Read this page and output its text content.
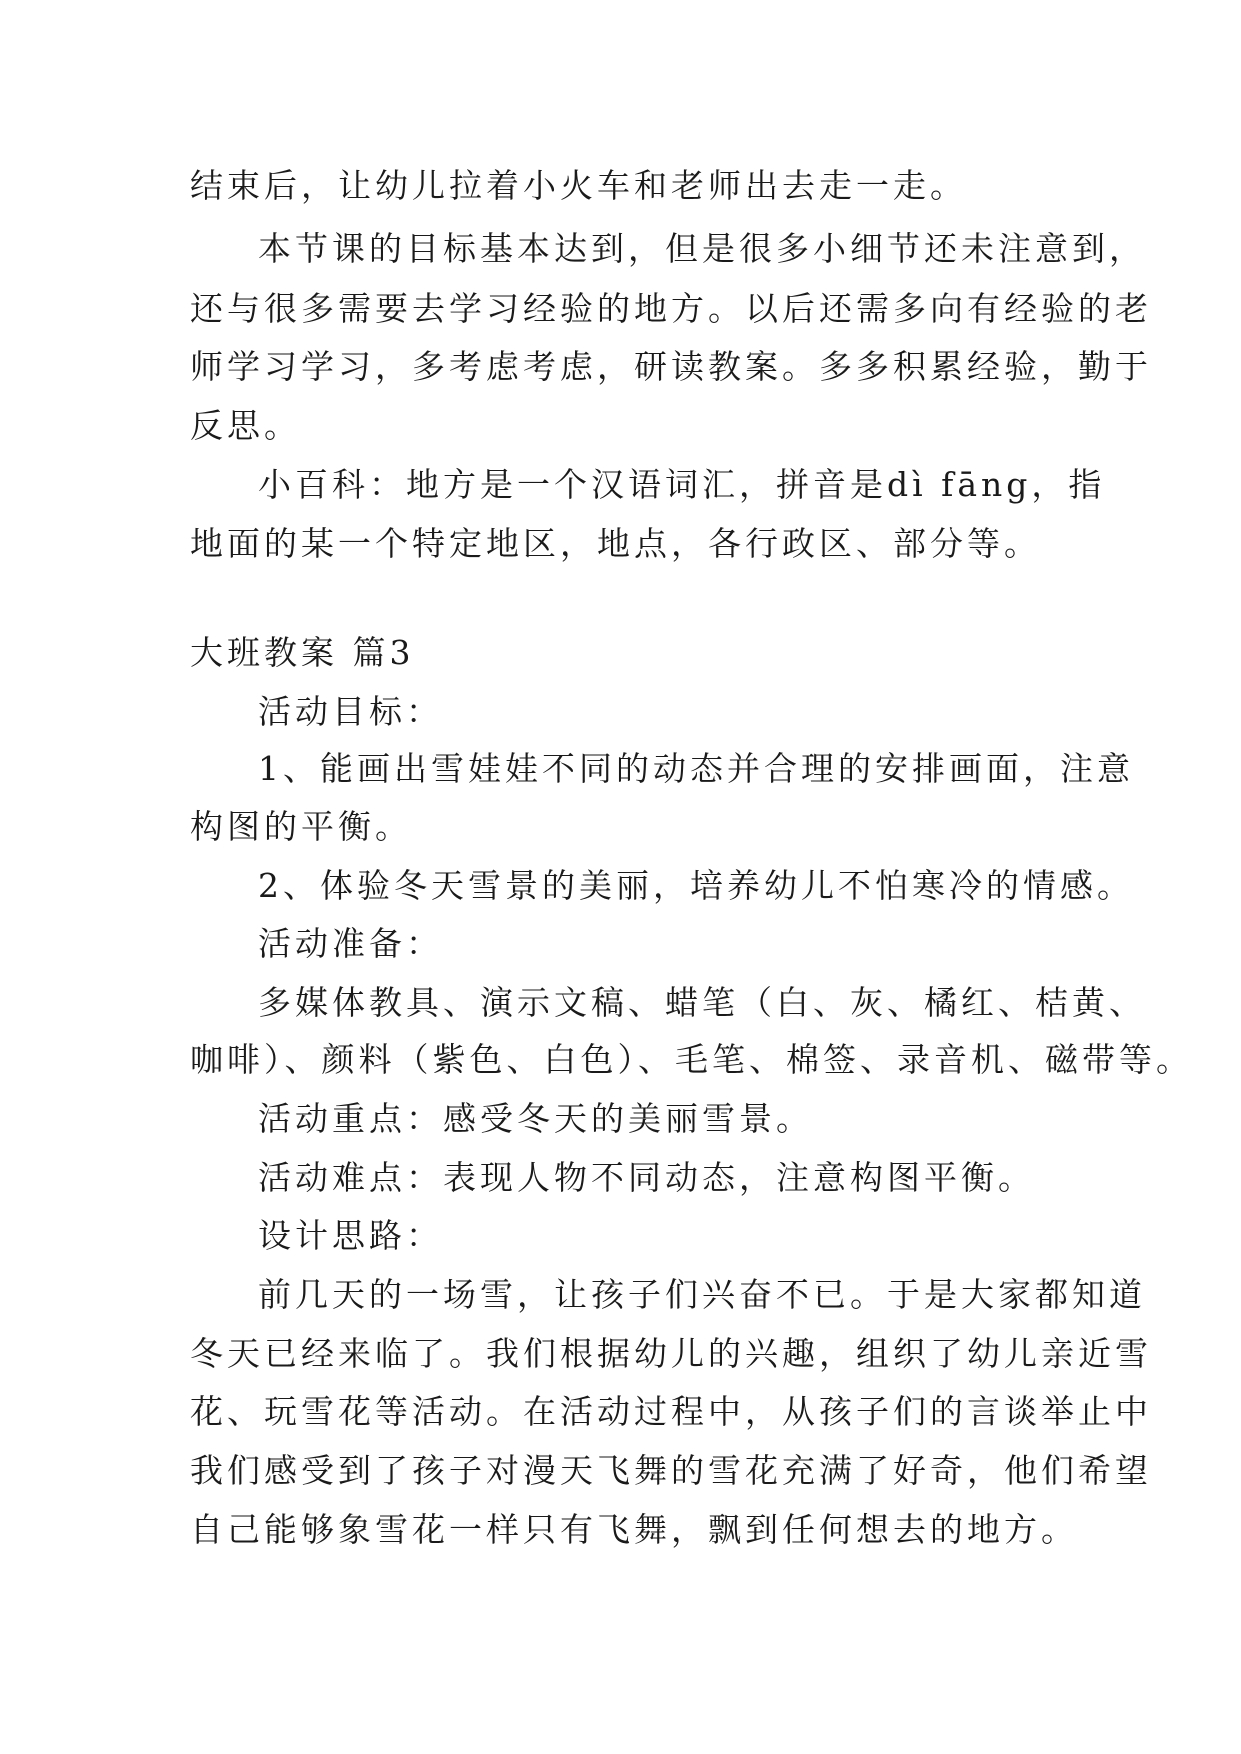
结束后，让幼儿拉着小火车和老师出去走一走。
本节课的目标基本达到，但是很多小细节还未注意到，
还与很多需要去学习经验的地方。以后还需多向有经验的老
师学习学习，多考虑考虑，研读教案。多多积累经验，勤于
反思。
小百科：地方是一个汉语词汇，拼音是dì fāng，指
地面的某一个特定地区，地点，各行政区、部分等。
大班教案 篇3
活动目标：
1、能画出雪娃娃不同的动态并合理的安排画面，注意
构图的平衡。
2、体验冬天雪景的美丽，培养幼儿不怕寒冷的情感。
活动准备：
多媒体教具、演示文稿、蜡笔（白、灰、橘红、桔黄、
咖啡）、颜料（紫色、白色）、毛笔、棉签、录音机、磁带等。
活动重点：感受冬天的美丽雪景。
活动难点：表现人物不同动态，注意构图平衡。
设计思路：
前几天的一场雪，让孩子们兴奋不已。于是大家都知道
冬天已经来临了。我们根据幼儿的兴趣，组织了幼儿亲近雪
花、玩雪花等活动。在活动过程中，从孩子们的言谈举止中
我们感受到了孩子对漫天飞舞的雪花充满了好奇，他们希望
自己能够象雪花一样只有飞舞，飘到任何想去的地方。
